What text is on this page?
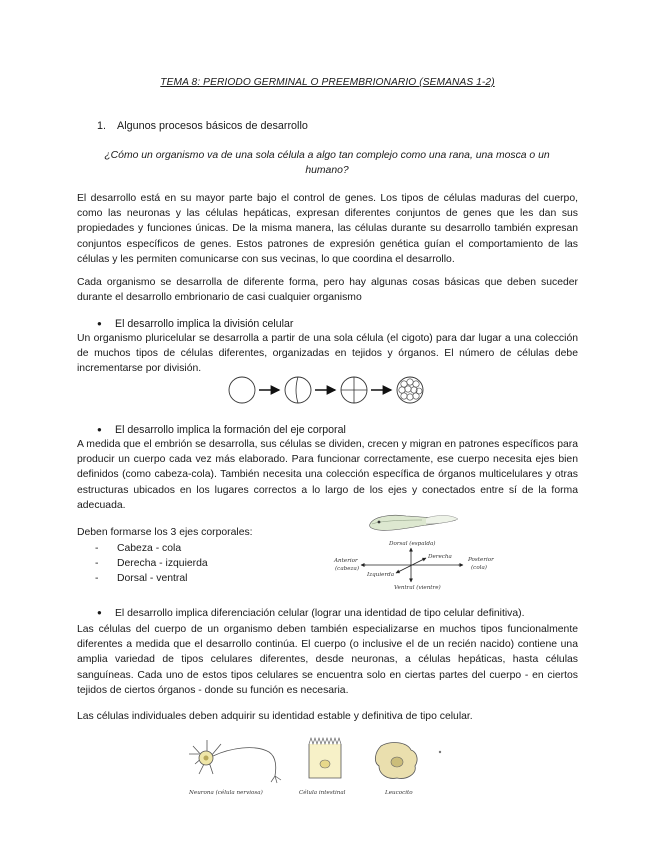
TEMA 8: PERIODO GERMINAL O PREEMBRIONARIO (SEMANAS 1-2)
1. Algunos procesos básicos de desarrollo
¿Cómo un organismo va de una sola célula a algo tan complejo como una rana, una mosca o un humano?
El desarrollo está en su mayor parte bajo el control de genes. Los tipos de células maduras del cuerpo, como las neuronas y las células hepáticas, expresan diferentes conjuntos de genes que les dan sus propiedades y funciones únicas. De la misma manera, las células durante su desarrollo también expresan conjuntos específicos de genes. Estos patrones de expresión genética guían el comportamiento de las células y les permiten comunicarse con sus vecinas, lo que coordina el desarrollo.
Cada organismo se desarrolla de diferente forma, pero hay algunas cosas básicas que deben suceder durante el desarrollo embrionario de casi cualquier organismo
● El desarrollo implica la división celular
Un organismo pluricelular se desarrolla a partir de una sola célula (el cigoto) para dar lugar a una colección de muchos tipos de células diferentes, organizadas en tejidos y órganos. El número de células debe incrementarse por división.
● El desarrollo implica la formación del eje corporal
A medida que el embrión se desarrolla, sus células se dividen, crecen y migran en patrones específicos para producir un cuerpo cada vez más elaborado. Para funcionar correctamente, ese cuerpo necesita ejes bien definidos (como cabeza-cola). También necesita una colección específica de órganos multicelulares y otras estructuras ubicados en los lugares correctos a lo largo de los ejes y conectados entre sí de la forma adecuada.
Deben formarse los 3 ejes corporales:
- Cabeza - cola
- Derecha - izquierda
- Dorsal - ventral
Dorsal (espalda)
Anterior
(cabeza)
Posterior
(cola)
Derecha
Izquierda
Ventral (vientre)
● El desarrollo implica diferenciación celular (lograr una identidad de tipo celular definitiva).
Las células del cuerpo de un organismo deben también especializarse en muchos tipos funcionalmente diferentes a medida que el desarrollo continúa. El cuerpo (o inclusive el de un recién nacido) contiene una amplia variedad de tipos celulares diferentes, desde neuronas, a células hepáticas, hasta células sanguíneas. Cada uno de estos tipos celulares se encuentra solo en ciertas partes del cuerpo - en ciertos tejidos de ciertos órganos - donde su función es necesaria.
Las células individuales deben adquirir su identidad estable y definitiva de tipo celular.
Neurona (célula nerviosa)	Célula intestinal	Leucocito
